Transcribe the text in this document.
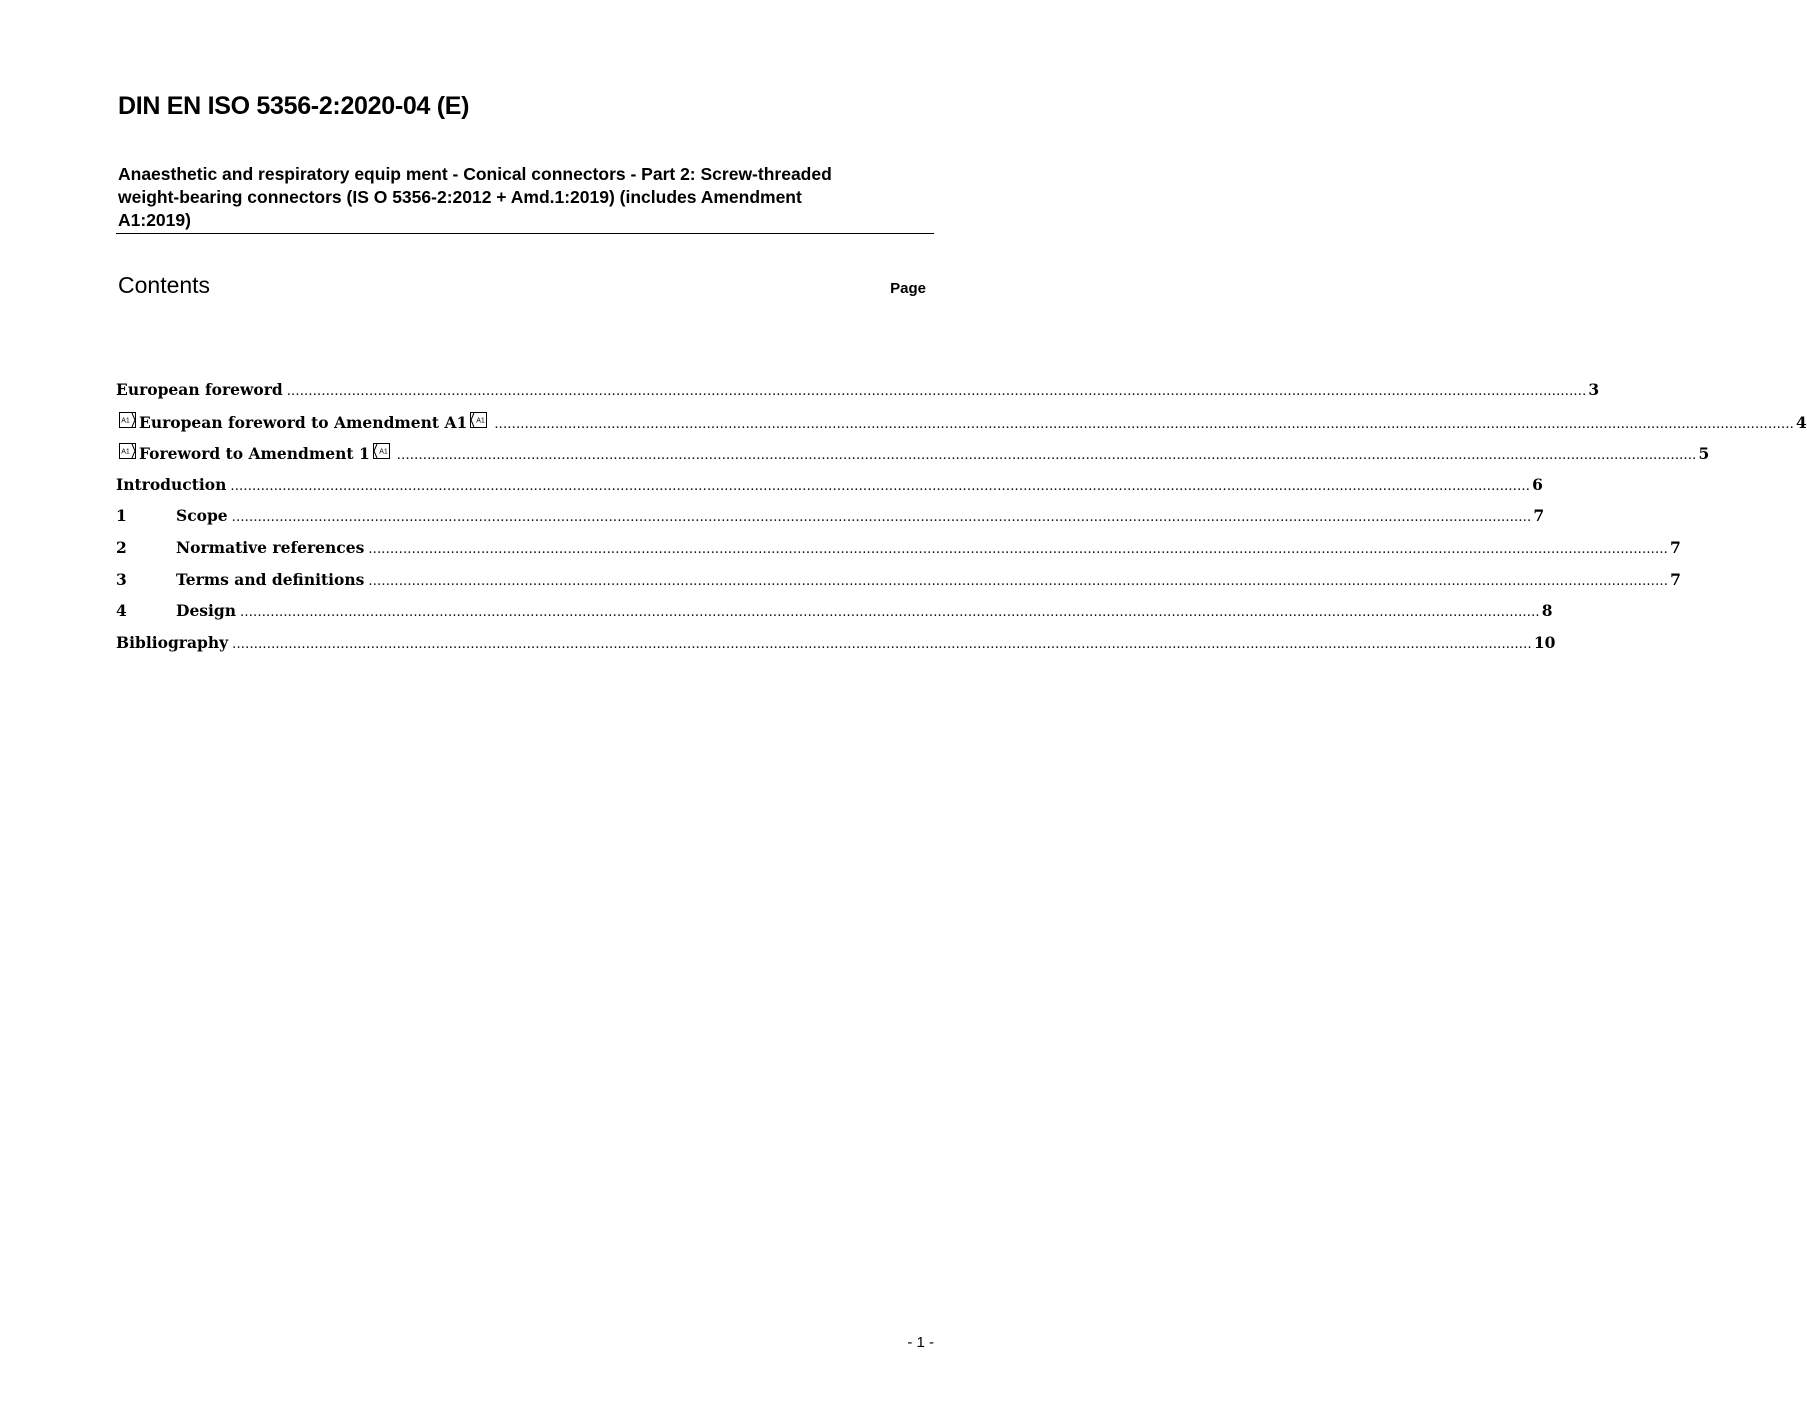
DIN EN ISO 5356-2:2020-04 (E)
Anaesthetic and respiratory equip ment - Conical connectors - Part 2: Screw-threaded weight-bearing connectors (IS O 5356-2:2012 + Amd.1:2019) (includes Amendment A1:2019)
Contents	Page
European foreword ............................................................................................................................................................................................................................................................................................................ 3
A1 European foreword to Amendment A1 A1 ............................................................................................................................................................................................................................................................................................................ 4
A1 Foreword to Amendment 1 A1 ............................................................................................................................................................................................................................................................................................................ 5
Introduction ............................................................................................................................................................................................................................................................................................................ 6
1	Scope ............................................................................................................................................................................................................................................................................................................ 7
2	Normative references ............................................................................................................................................................................................................................................................................................................ 7
3	Terms and definitions ............................................................................................................................................................................................................................................................................................................ 7
4	Design ............................................................................................................................................................................................................................................................................................................ 8
Bibliography ............................................................................................................................................................................................................................................................................................................ 10
- 1 -
